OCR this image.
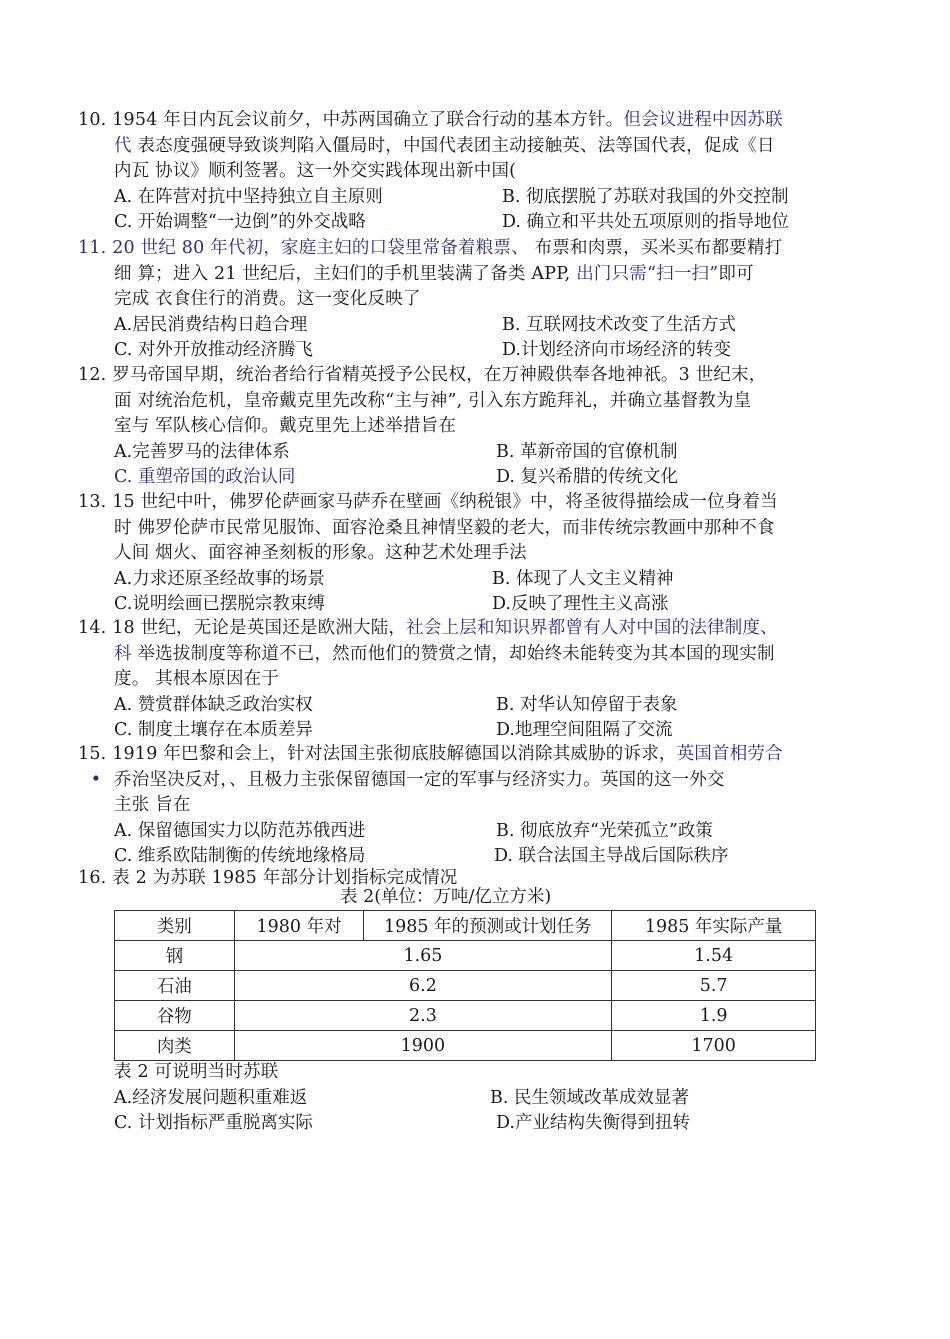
10. 1954 年日内瓦会议前夕，中苏两国确立了联合行动的基本方针。但会议进程中因苏联
代 表态度强硬导致谈判陷入僵局时，中国代表团主动接触英、法等国代表，促成《日
内瓦 协议》顺利签署。这一外交实践体现出新中国(
A. 在阵营对抗中坚持独立自主原则	B. 彻底摆脱了苏联对我国的外交控制
C. 开始调整“一边倒”的外交战略	D. 确立和平共处五项原则的指导地位
11. 20 世纪 80 年代初，家庭主妇的口袋里常备着粮票、 布票和肉票，买米买布都要精打
细 算；进入 21 世纪后，主妇们的手机里装满了备类 APP, 出门只需“扫一扫”即可
完成 衣食住行的消费。这一变化反映了
A.居民消费结构日趋合理	B. 互联网技术改变了生活方式
C. 对外开放推动经济腾飞	D.计划经济向市场经济的转变
12. 罗马帝国早期，统治者给行省精英授予公民权，在万神殿供奉各地神祇。3 世纪末，
面 对统治危机，皇帝戴克里先改称“主与神”, 引入东方跪拜礼，并确立基督教为皇
室与 军队核心信仰。戴克里先上述举措旨在
A.完善罗马的法律体系	B. 革新帝国的官僚机制
C. 重塑帝国的政治认同	D. 复兴希腊的传统文化
13. 15 世纪中叶，佛罗伦萨画家马萨乔在壁画《纳税银》中，将圣彼得描绘成一位身着当
时 佛罗伦萨市民常见服饰、面容沧桑且神情坚毅的老大，而非传统宗教画中那种不食
人间 烟火、面容神圣刻板的形象。这种艺术处理手法
A.力求还原圣经故事的场景	B. 体现了人文主义精神
C.说明绘画已摆脱宗教束缚	D.反映了理性主义高涨
14. 18 世纪，无论是英国还是欧洲大陆，社会上层和知识界都曾有人对中国的法律制度、
科 举选拔制度等称道不已，然而他们的赞赏之情，却始终未能转变为其本国的现实制
度。 其根本原因在于
A. 赞赏群体缺乏政治实权	B. 对华认知停留于表象
C. 制度土壤存在本质差异	D.地理空间阻隔了交流
15. 1919 年巴黎和会上，针对法国主张彻底肢解德国以消除其威胁的诉求，英国首相劳合
• 乔治坚决反对，、且极力主张保留德国一定的军事与经济实力。英国的这一外交
主张 旨在
A. 保留德国实力以防范苏俄西进	B. 彻底放弃“光荣孤立”政策
C. 维系欧陆制衡的传统地缘格局	D. 联合法国主导战后国际秩序
16. 表 2 为苏联 1985 年部分计划指标完成情况
表 2(单位：万吨/亿立方米)
类别	1980 年对	1985 年的预测或计划任务	1985 年实际产量
钢	1.65		1.54
石油	6.2		5.7
谷物	2.3		1.9
肉类	1900		1700
表 2 可说明当时苏联
A.经济发展问题积重难返	B. 民生领域改革成效显著
C. 计划指标严重脱离实际	D.产业结构失衡得到扭转
